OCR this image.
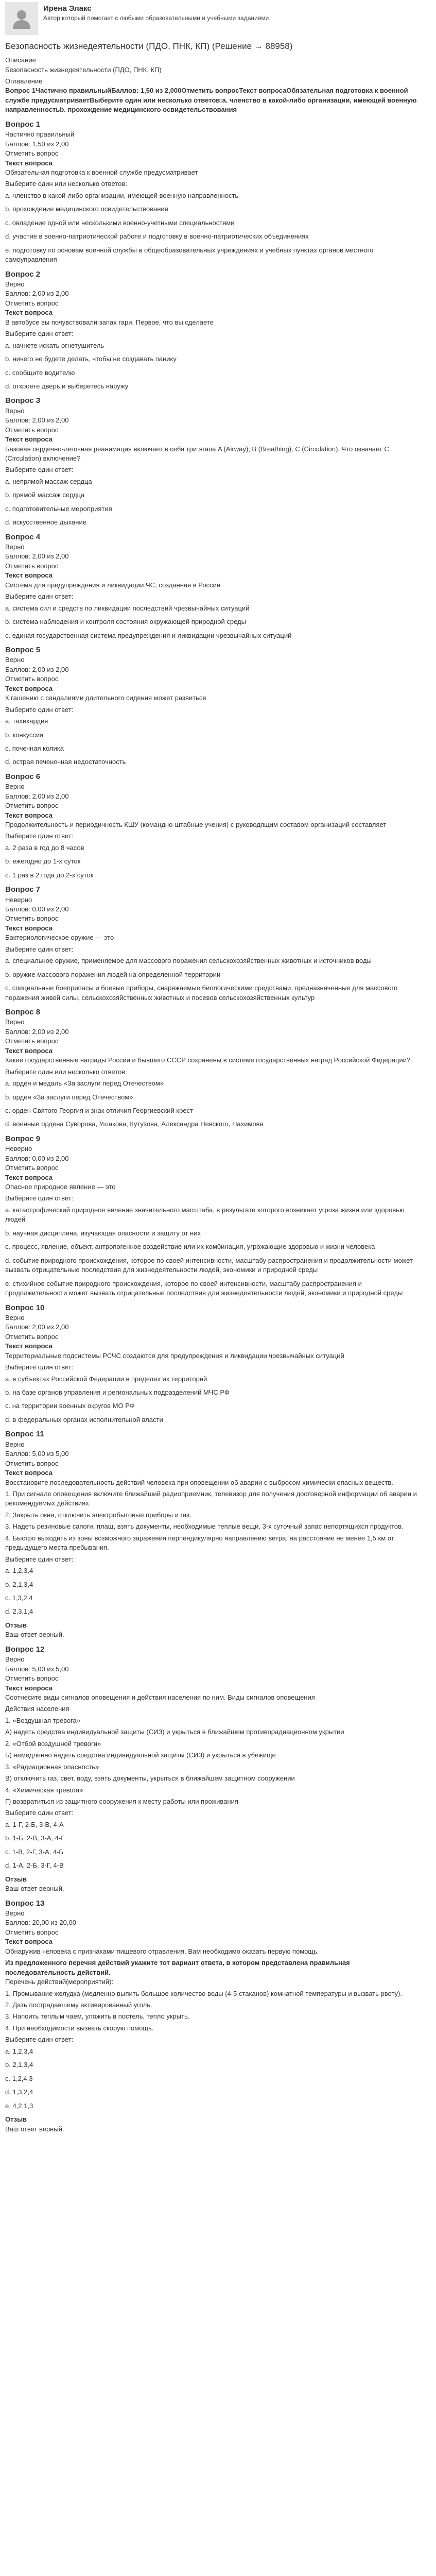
Ирена Элакс
Автор который помогает с любыми образовательными и учебными заданиями
Безопасность жизнедеятельности (ПДО, ПНК, КП) (Решение → 88958)
Описание
Безопасность жизнедеятельности (ПДО, ПНК, КП)
Оглавление
Вопрос 1Частично правильныйБаллов: 1,50 из 2,000Отметить вопросТекст вопросаОбязательная подготовка к военной службе предусматриваетВыберите один или несколько ответов:a. членство в какой-либо организации, имеющей военную направленностьb. прохождение медицинского освидетельствования
Вопрос 1
Частично правильный
Баллов: 1,50 из 2,00
Отметить вопрос
Текст вопроса
Обязательная подготовка к военной службе предусматривает
Выберите один или несколько ответов:
a. членство в какой-либо организации, имеющей военную направленность
b. прохождение медицинского освидетельствования
c. овладение одной или несколькими военно-учетными специальностями
d. участие в военно-патриотической работе и подготовку в военно-патриотических объединениях
e. подготовку по основам военной службы в общеобразовательных учреждениях и учебных пунктах органов местного самоуправления
Вопрос 2
Верно
Баллов: 2,00 из 2,00
Отметить вопрос
Текст вопроса
В автобусе вы почувствовали запах гари. Первое, что вы сделаете
Выберите один ответ:
a. начнете искать огнетушитель
b. ничего не будете делать, чтобы не создавать панику
c. сообщите водителю
d. откроете дверь и выберетесь наружу
Вопрос 3
Верно
Баллов: 2,00 из 2,00
Отметить вопрос
Текст вопроса
Базовая сердечно-легочная реанимация включает в себя три этапа A (Airway); B (Breathing); C (Circulation). Что означает C (Circulation) включение?
Выберите один ответ:
a. непрямой массаж сердца
b. прямой массаж сердца
c. подготовительные мероприятия
d. искусственное дыхание
Вопрос 4
Верно
Баллов: 2,00 из 2,00
Отметить вопрос
Текст вопроса
Система для предупреждения и ликвидации ЧС, созданная в России
Выберите один ответ:
a. система сил и средств по ликвидации последствий чрезвычайных ситуаций
b. система наблюдения и контроля состояния окружающей природной среды
c. единая государственная система предупреждения и ликвидации чрезвычайных ситуаций
Вопрос 5
Верно
Баллов: 2,00 из 2,00
Отметить вопрос
Текст вопроса
К гашению с сандалиями длительного сидения может развиться
Выберите один ответ:
a. тахикардия
b. конкуссия
c. почечная колика
d. острая печеночная недостаточность
Вопрос 6
Верно
Баллов: 2,00 из 2,00
Отметить вопрос
Текст вопроса
Продолжительность и периодичность КШУ (командно-штабные учения) с руководящим составом организаций составляет
Выберите один ответ:
a. 2 раза в год до 8 часов
b. ежегодно до 1-х суток
c. 1 раз в 2 года до 2-х суток
Вопрос 7
Неверно
Баллов: 0,00 из 2,00
Отметить вопрос
Текст вопроса
Бактериологическое оружие — это
Выберите один ответ:
a. специальное оружие, применяемое для массового поражения сельскохозяйственных животных и источников воды
b. оружие массового поражения людей на определенной территории
c. специальные боеприпасы и боевые приборы, снаряжаемые биологическими средствами, предназначенные для массового поражения живой силы, сельскохозяйственных животных и посевов сельскохозяйственных культур
Вопрос 8
Верно
Баллов: 2,00 из 2,00
Отметить вопрос
Текст вопроса
Какие государственные награды России и бывшего СССР сохранены в системе государственных наград Российской Федерации?
Выберите один или несколько ответов:
a. орден и медаль «За заслуги перед Отечеством»
b. орден «За заслуги перед Отечеством»
c. орден Святого Георгия и знак отличия Георгиевский крест
d. военные ордена Суворова, Ушакова, Кутузова, Александра Невского, Нахимова
Вопрос 9
Неверно
Баллов: 0,00 из 2,00
Отметить вопрос
Текст вопроса
Опасное природное явление — это
Выберите один ответ:
a. катастрофический природное явление значительного масштаба, в результате которого возникает угроза жизни или здоровью людей
b. научная дисциплина, изучающая опасности и защиту от них
c. процесс, явление, объект, антропогенное воздействие или их комбинация, угрожающие здоровью и жизни человека
d. событие природного происхождения, которое по своей интенсивности, масштабу распространения и продолжительности может вызвать отрицательные последствия для жизнедеятельности людей, экономики и природной среды
e. стихийное событие природного происхождения, которое по своей интенсивности, масштабу распространения и продолжительности может вызвать отрицательные последствия для жизнедеятельности людей, экономики и природной среды
Вопрос 10
Верно
Баллов: 2,00 из 2,00
Отметить вопрос
Текст вопроса
Территориальные подсистемы РСЧС создаются для предупреждения и ликвидации чрезвычайных ситуаций
Выберите один ответ:
a. в субъектах Российской Федерации в пределах их территорий
b. на базе органов управления и региональных подразделений МЧС РФ
c. на территории военных округов МО РФ
d. в федеральных органах исполнительной власти
Вопрос 11
Верно
Баллов: 5,00 из 5,00
Отметить вопрос
Текст вопроса
Восстановите последовательность действий человека при оповещении об аварии с выбросом химически опасных веществ.
1. При сигнале оповещения включите ближайший радиоприемник, телевизор для получения достоверной информации об аварии и рекомендуемых действиях.
2. Закрыть окна, отключить электробытовые приборы и газ.
3. Надеть резиновые сапоги, плащ, взять документы, необходимые теплые вещи, 3-х суточный запас непортящихся продуктов.
4. Быстро выходить из зоны возможного заражения перпендикулярно направлению ветра, на расстояние не менее 1,5 км от предыдущего места пребывания.
Выберите один ответ:
a. 1,2,3,4
b. 2,1,3,4
c. 1,3,2,4
d. 2,3,1,4
Отзыв
Ваш ответ верный.
Вопрос 12
Верно
Баллов: 5,00 из 5,00
Отметить вопрос
Текст вопроса
Соотнесите виды сигналов оповещения и действия населения по ним. Виды сигналов оповещения
Действия населения
1. «Воздушная тревога»
A) надеть средства индивидуальной защиты (СИЗ) и укрыться в ближайшем противорадиационном укрытии
2. «Отбой воздушной тревоги»
Б) немедленно надеть средства индивидуальной защиты (СИЗ) и укрыться в убежище
3. «Радиационная опасность»
B) отключить газ, свет, воду, взять документы, укрыться в ближайшем защитном сооружении
4. «Химическая тревога»
Г) возвратиться из защитного сооружения к месту работы или проживания
Выберите один ответ:
a. 1-Г, 2-Б, 3-В, 4-А
b. 1-Б, 2-В, 3-А, 4-Г
c. 1-В, 2-Г, 3-А, 4-Б
d. 1-А, 2-Б, 3-Г, 4-В
Отзыв
Ваш ответ верный.
Вопрос 13
Верно
Баллов: 20,00 из 20,00
Отметить вопрос
Текст вопроса
Обнаружив человека с признаками пищевого отравления. Вам необходимо оказать первую помощь.
Из предложенного перечня действий укажите тот вариант ответа, в котором представлена правильная последовательность действий.
Перечень действий(мероприятий):
1. Промывание желудка (медленно выпить большое количество воды (4-5 стаканов) комнатной температуры и вызвать рвоту).
2. Дать пострадавшему активированный уголь.
3. Напоить теплым чаем, уложить в постель, тепло укрыть.
4. При необходимости вызвать скорую помощь.
Выберите один ответ:
a. 1,2,3,4
b. 2,1,3,4
c. 1,2,4,3
d. 1,3,2,4
e. 4,2,1,3
Отзыв
Ваш ответ верный.
